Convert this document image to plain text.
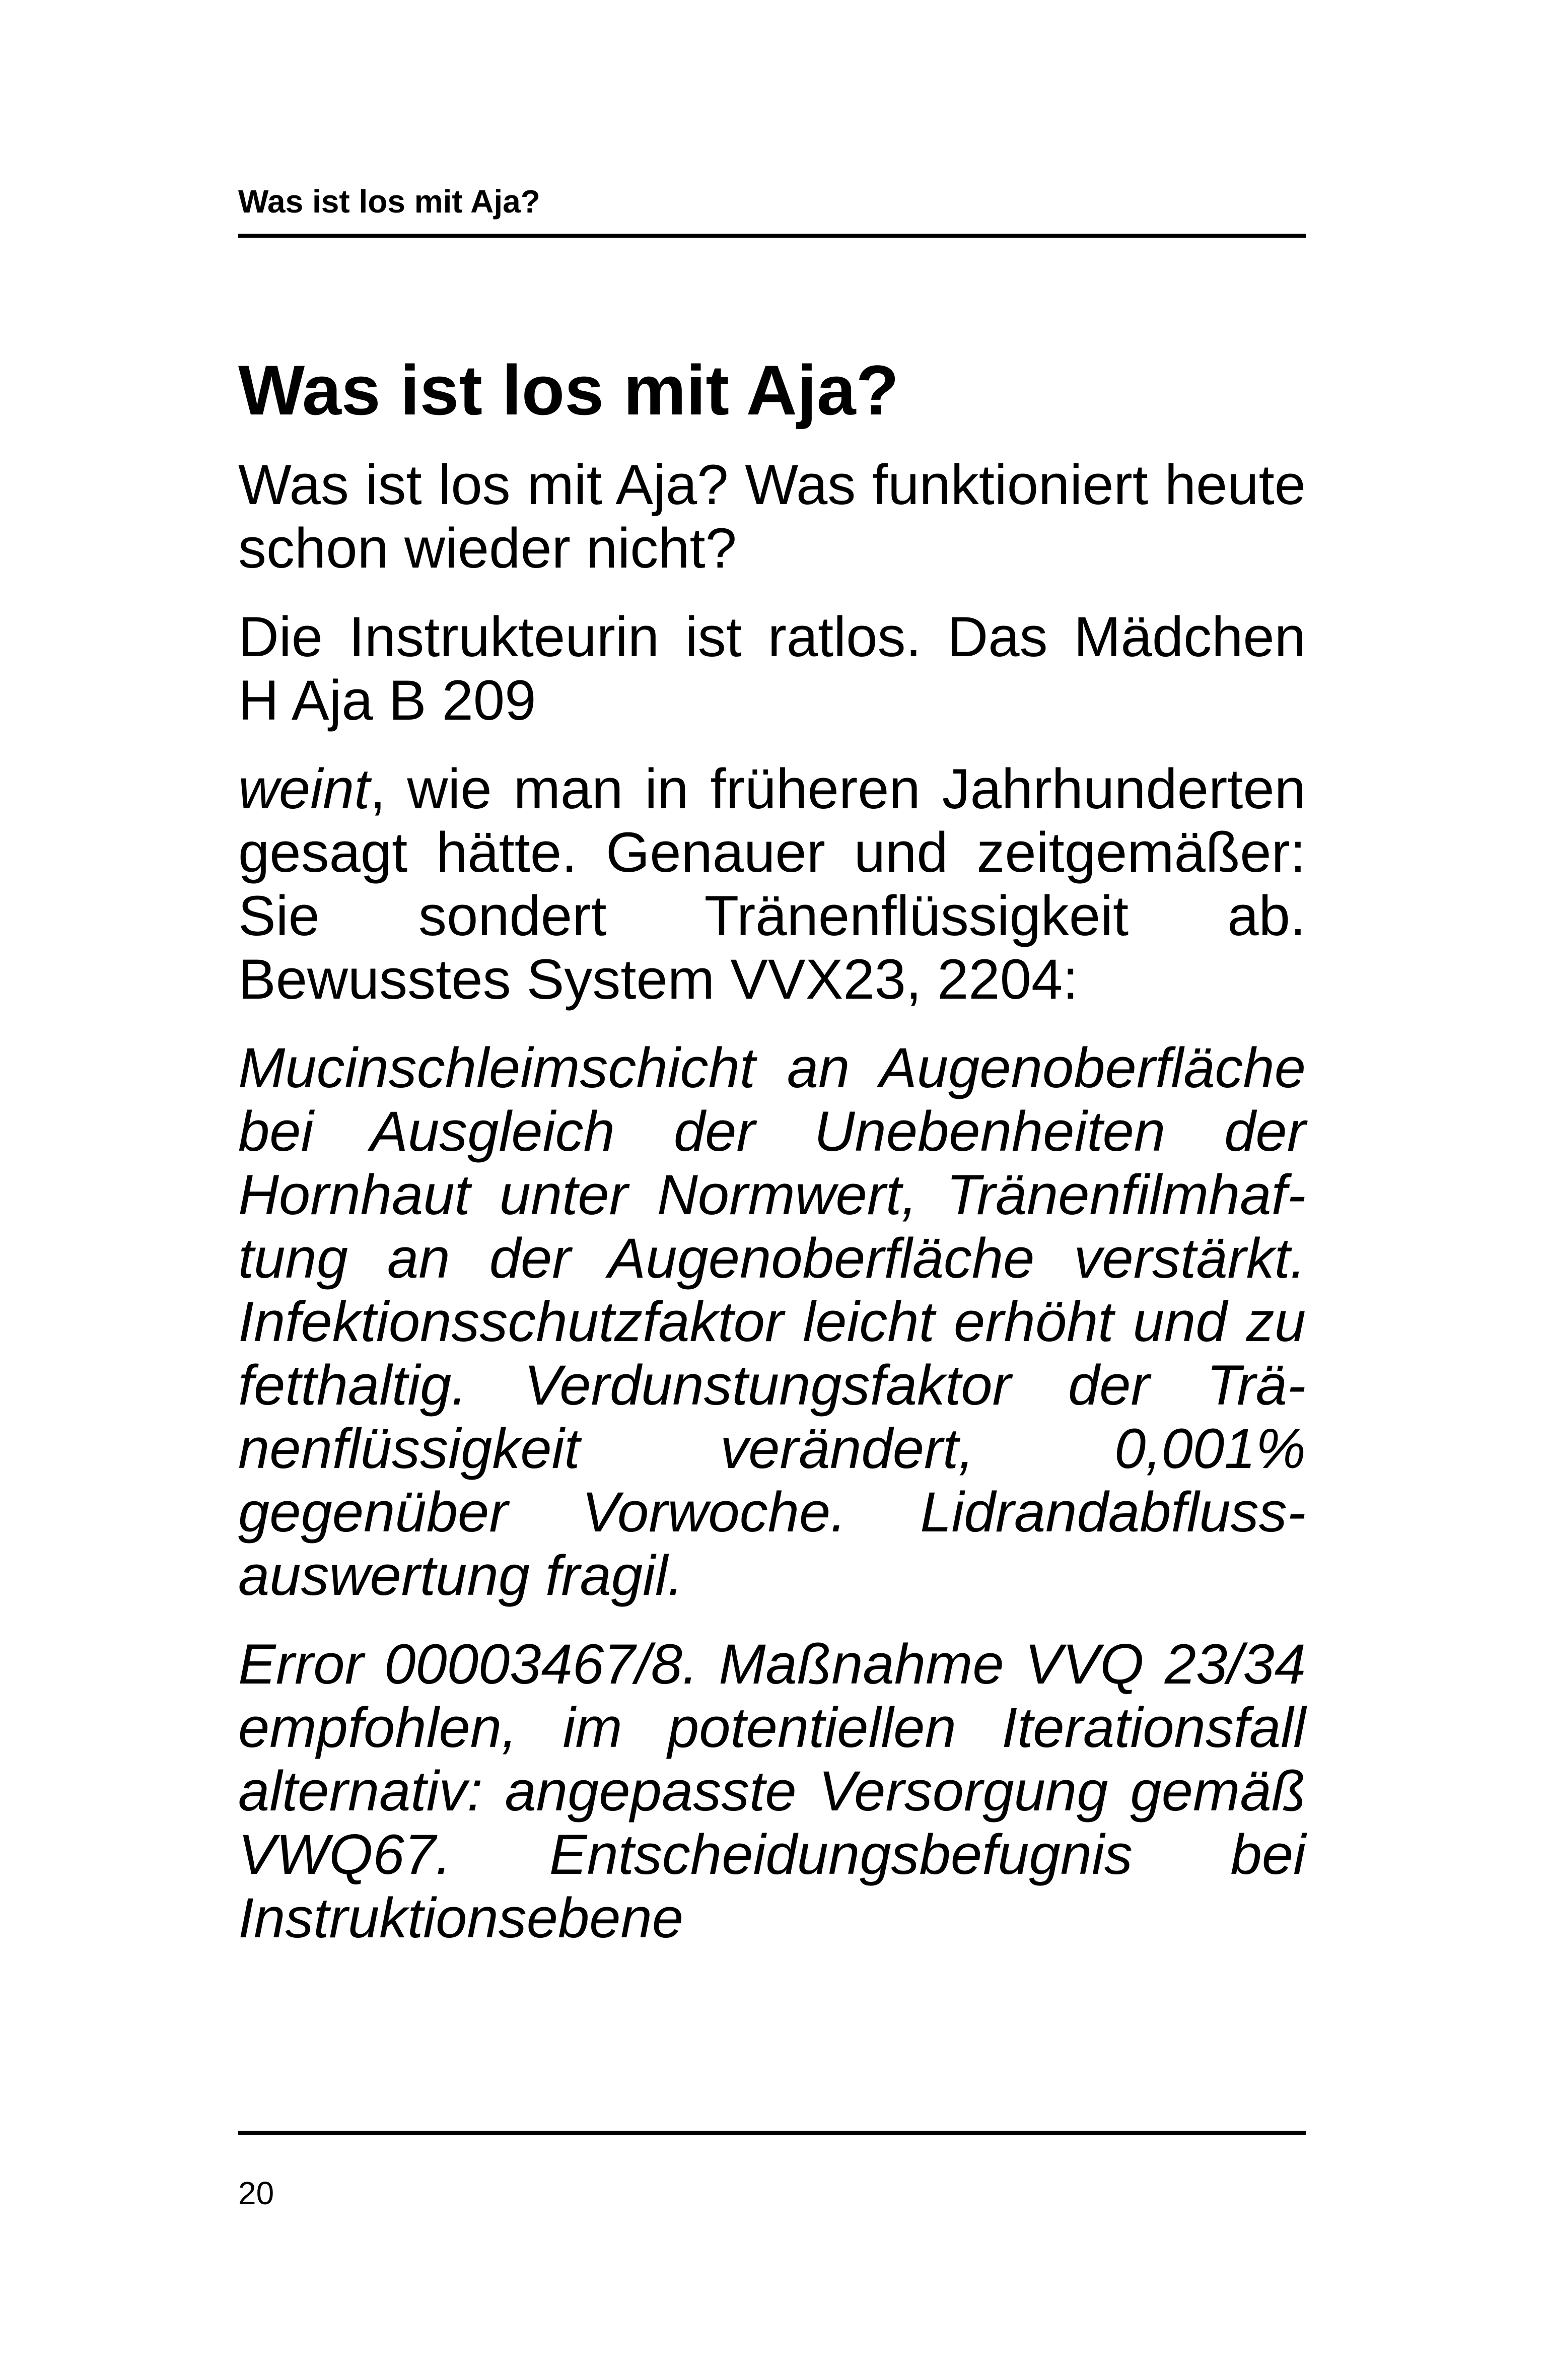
Was ist los mit Aja?
Was ist los mit Aja?

Was ist los mit Aja? Was funktioniert heute schon wieder nicht?

Die Instrukteurin ist ratlos. Das Mädchen H Aja B 209

weint, wie man in früheren Jahrhunderten gesagt hätte. Genauer und zeitgemäßer: Sie sondert Tränenflüssigkeit ab. Bewusstes System VVX23, 2204:

Mucinschleimschicht an Augenoberfläche bei Ausgleich der Unebenheiten der Hornhaut unter Normwert, Tränenfilmhaftung an der Augenoberfläche verstärkt. Infektionsschutzfaktor leicht erhöht und zu fetthaltig. Verdunstungsfaktor der Tränenflüssigkeit verändert, 0,001% gegenüber Vorwoche. Lidrandabflussauswertung fragil.

Error 00003467/8. Maßnahme VVQ 23/34 empfohlen, im potentiellen Iterationsfall alternativ: angepasste Versorgung gemäß VWQ67. Entscheidungsbefugnis bei Instruktionsebene

20
